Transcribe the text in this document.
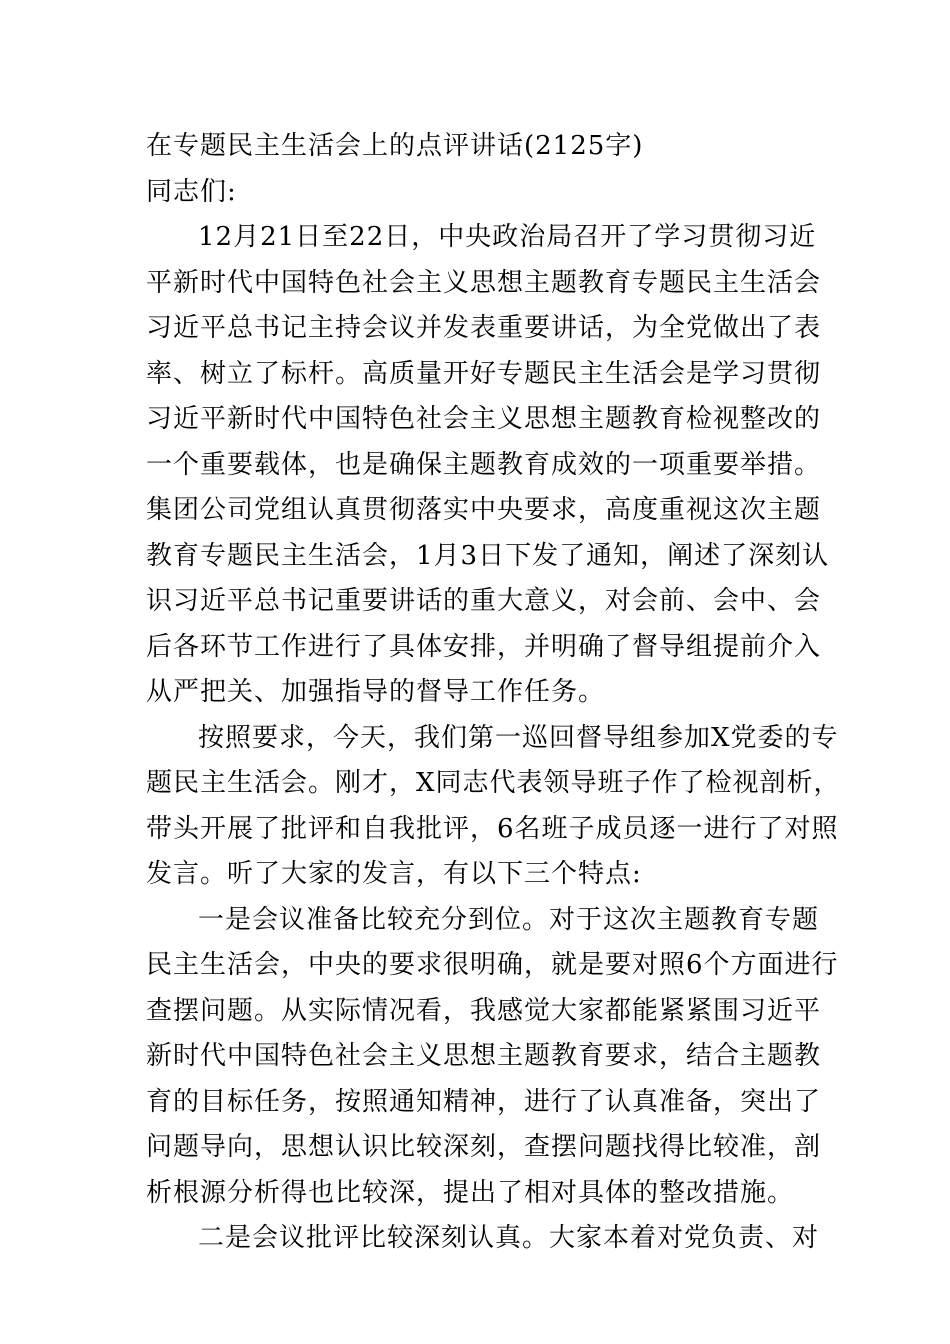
在专题民主生活会上的点评讲话(2125字)
同志们:
12月21日至22日，中央政治局召开了学习贯彻习近
平新时代中国特色社会主义思想主题教育专题民主生活会
习近平总书记主持会议并发表重要讲话，为全党做出了表
率、树立了标杆。高质量开好专题民主生活会是学习贯彻
习近平新时代中国特色社会主义思想主题教育检视整改的
一个重要载体，也是确保主题教育成效的一项重要举措。
集团公司党组认真贯彻落实中央要求，高度重视这次主题
教育专题民主生活会，1月3日下发了通知，阐述了深刻认
识习近平总书记重要讲话的重大意义，对会前、会中、会
后各环节工作进行了具体安排，并明确了督导组提前介入
从严把关、加强指导的督导工作任务。
按照要求，今天，我们第一巡回督导组参加X党委的专
题民主生活会。刚才，X同志代表领导班子作了检视剖析，
带头开展了批评和自我批评，6名班子成员逐一进行了对照
发言。听了大家的发言，有以下三个特点:
一是会议准备比较充分到位。对于这次主题教育专题
民主生活会，中央的要求很明确，就是要对照6个方面进行
查摆问题。从实际情况看，我感觉大家都能紧紧围习近平
新时代中国特色社会主义思想主题教育要求，结合主题教
育的目标任务，按照通知精神，进行了认真准备，突出了
问题导向，思想认识比较深刻，查摆问题找得比较准，剖
析根源分析得也比较深，提出了相对具体的整改措施。
二是会议批评比较深刻认真。大家本着对党负责、对
